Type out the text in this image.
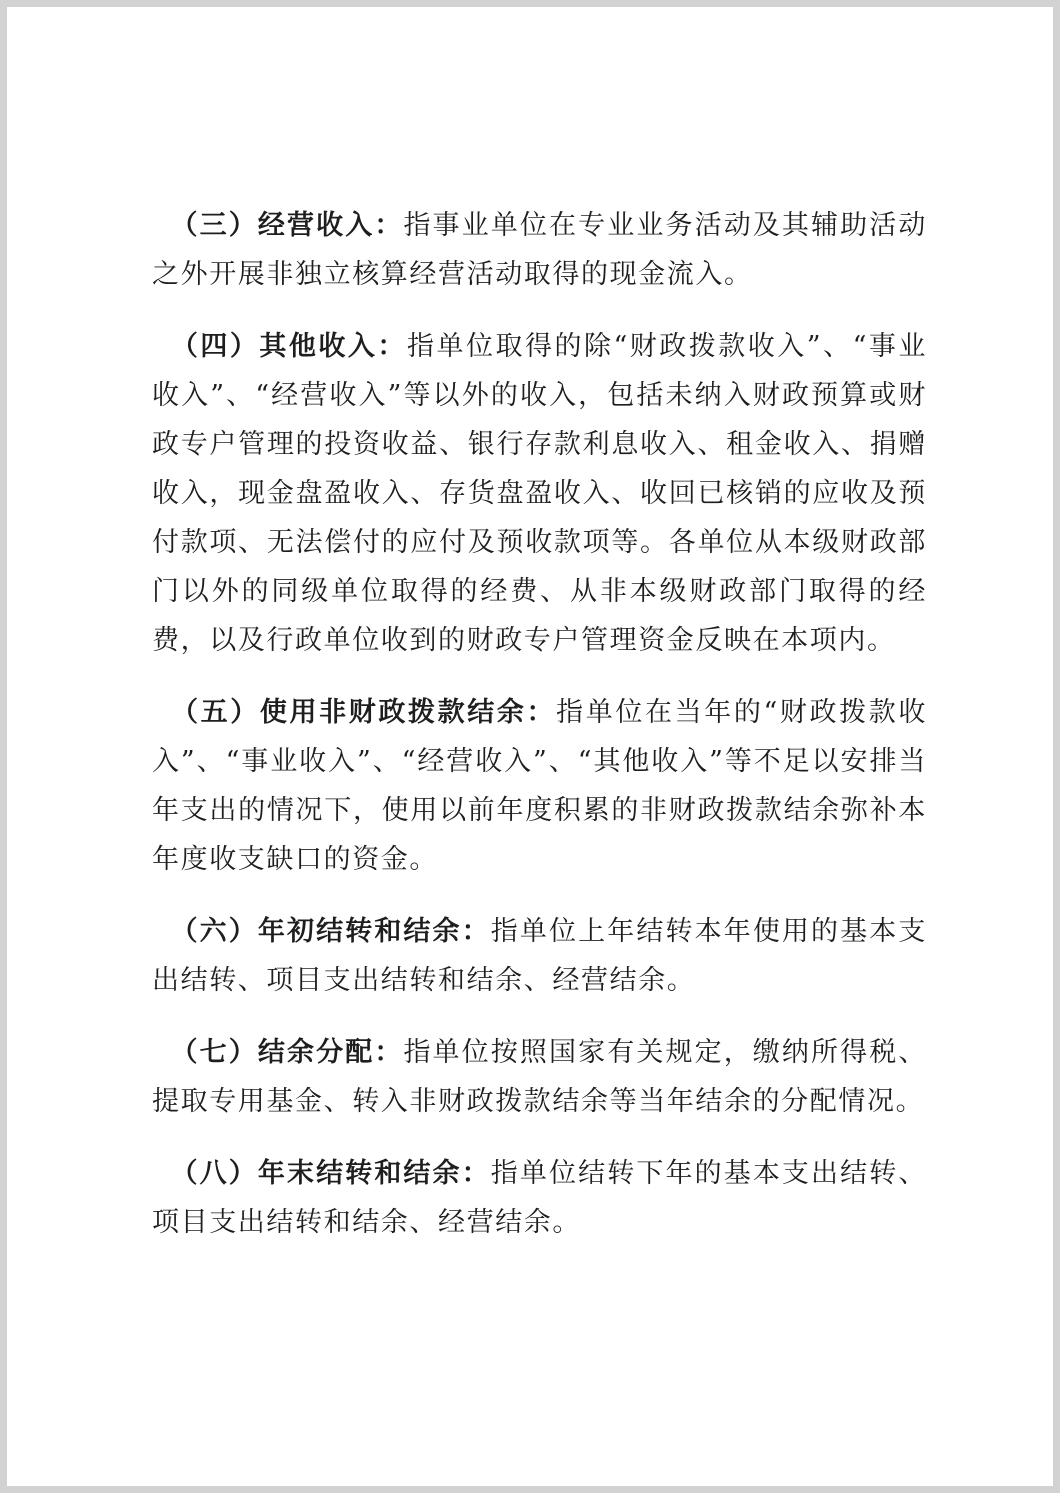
（三）经营收入：指事业单位在专业业务活动及其辅助活动之外开展非独立核算经营活动取得的现金流入。

（四）其他收入：指单位取得的除“财政拨款收入”、“事业收入”、“经营收入”等以外的收入，包括未纳入财政预算或财政专户管理的投资收益、银行存款利息收入、租金收入、捐赠收入，现金盘盈收入、存货盘盈收入、收回已核销的应收及预付款项、无法偿付的应付及预收款项等。各单位从本级财政部门以外的同级单位取得的经费、从非本级财政部门取得的经费，以及行政单位收到的财政专户管理资金反映在本项内。

（五）使用非财政拨款结余：指单位在当年的“财政拨款收入”、“事业收入”、“经营收入”、“其他收入”等不足以安排当年支出的情况下，使用以前年度积累的非财政拨款结余弥补本年度收支缺口的资金。

（六）年初结转和结余：指单位上年结转本年使用的基本支出结转、项目支出结转和结余、经营结余。

（七）结余分配：指单位按照国家有关规定，缴纳所得税、提取专用基金、转入非财政拨款结余等当年结余的分配情况。

（八）年末结转和结余：指单位结转下年的基本支出结转、项目支出结转和结余、经营结余。
